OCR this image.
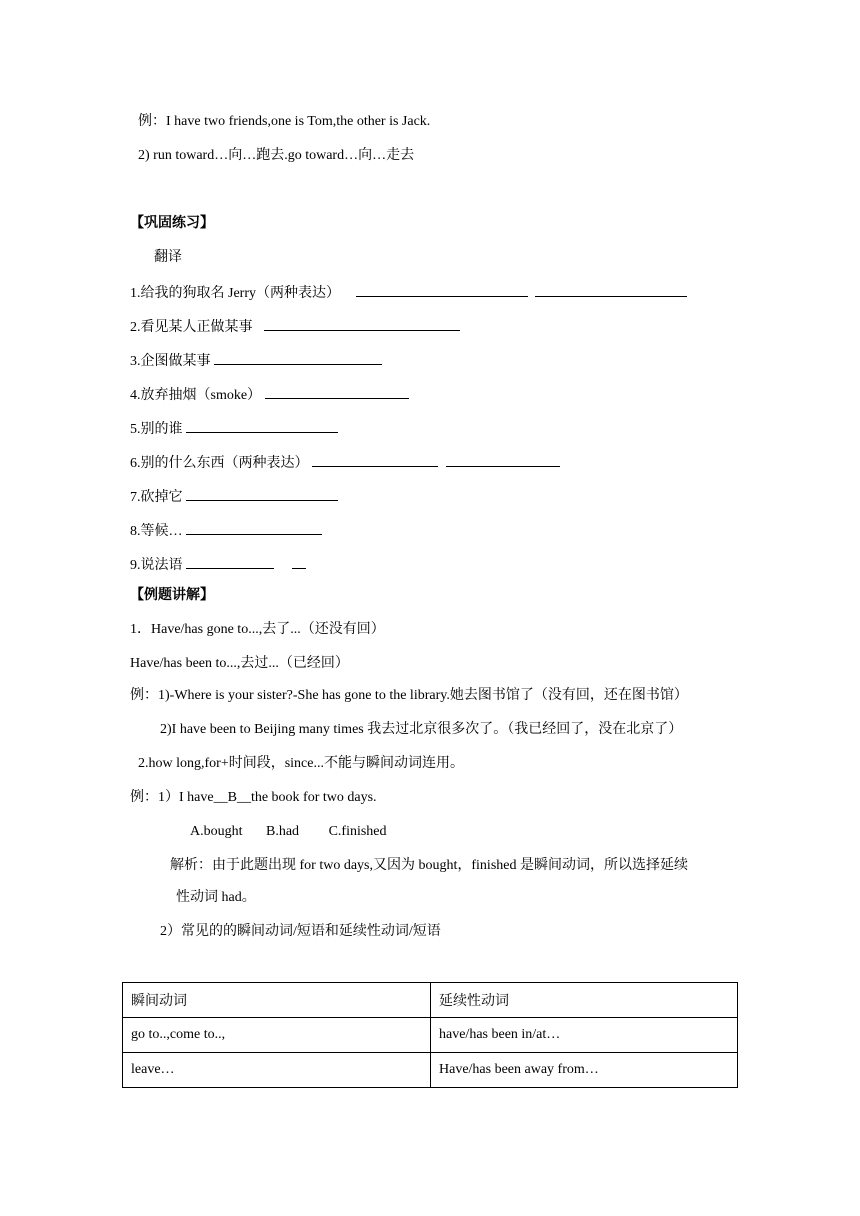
例：I have two friends,one is Tom,the other is Jack.
2) run toward…向…跑去.go toward…向…走去
【巩固练习】
翻译
1.给我的狗取名 Jerry（两种表达）
2.看见某人正做某事
3.企图做某事
4.放弃抽烟（smoke）
5.别的谁
6.别的什么东西（两种表达）
7.砍掉它
8.等候…
9.说法语
【例题讲解】
1．Have/has gone to...,去了...（还没有回）
Have/has been to...,去过...（已经回）
例：1)-Where is your sister?-She has gone to the library.她去图书馆了（没有回，还在图书馆）
2)I have been to Beijing many times 我去过北京很多次了。（我已经回了，没在北京了）
2.how long,for+时间段，since...不能与瞬间动词连用。
例：1）I have__B__the book for two days.
A.bought B.had C.finished
解析：由于此题出现 for two days,又因为 bought，finished 是瞬间动词，所以选择延续
性动词 had。
2）常见的的瞬间动词/短语和延续性动词/短语
瞬间动词	延续性动词
go to..,come to..,	have/has been in/at…
leave…	Have/has been away from…
